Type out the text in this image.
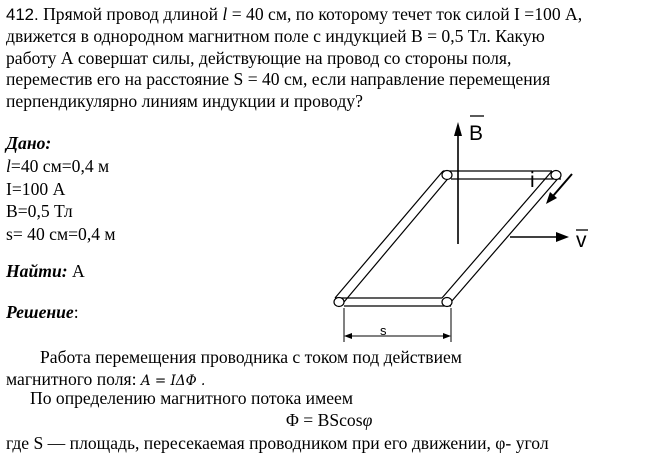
412. Прямой провод длиной l = 40 см, по которому течет ток силой I =100 А,
движется в однородном магнитном поле с индукцией В = 0,5 Тл. Какую
работу А совершат силы, действующие на провод со стороны поля,
переместив его на расстояние S = 40 см, если направление перемещения
перпендикулярно линиям индукции и проводу?
B
i
v
s
Дано:
l=40 см=0,4 м
I=100 А
B=0,5 Тл
s= 40 см=0,4 м
Найти: А
Решение:
Работа перемещения проводника с током под действием
магнитного поля: A = IΔΦ .
По определению магнитного потока имеем
Φ = BScosφ
где S — площадь, пересекаемая проводником при его движении, φ- угол
